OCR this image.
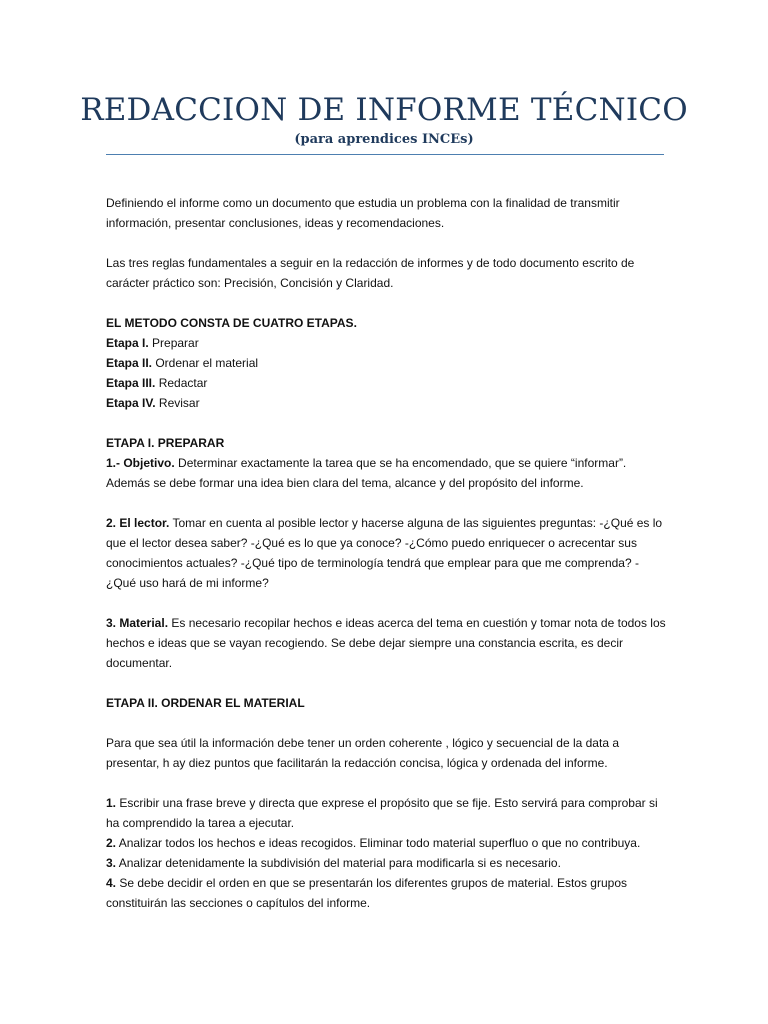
REDACCION DE INFORME TÉCNICO
(para aprendices INCEs)

Definiendo el informe como un documento que estudia un problema con la finalidad de transmitir información, presentar conclusiones, ideas y recomendaciones.

Las tres reglas fundamentales a seguir en la redacción de informes y de todo documento escrito de carácter práctico son: Precisión, Concisión y Claridad.

EL METODO CONSTA DE CUATRO ETAPAS.
Etapa I. Preparar
Etapa II. Ordenar el material
Etapa III. Redactar

Etapa IV. Revisar

ETAPA I. PREPARAR

1.- Objetivo. Determinar exactamente la tarea que se ha encomendado, que se quiere “informar”. Además se debe formar una idea bien clara del tema, alcance y del propósito del informe.

2. El lector. Tomar en cuenta al posible lector y hacerse alguna de las siguientes preguntas: -¿Qué es lo que el lector desea saber? -¿Qué es lo que ya conoce? -¿Cómo puedo enriquecer o acrecentar sus conocimientos actuales? -¿Qué tipo de terminología tendrá que emplear para que me comprenda? -¿Qué uso hará de mi informe?

3. Material. Es necesario recopilar hechos e ideas acerca del tema en cuestión y tomar nota de todos los hechos e ideas que se vayan recogiendo. Se debe dejar siempre una constancia escrita, es decir documentar.

ETAPA II. ORDENAR EL MATERIAL

Para que sea útil la información debe tener un orden coherente , lógico y secuencial de la data a presentar, h ay diez puntos que facilitarán la redacción concisa, lógica y ordenada del informe.

1. Escribir una frase breve y directa que exprese el propósito que se fije. Esto servirá para comprobar si ha comprendido la tarea a ejecutar.
2. Analizar todos los hechos e ideas recogidos. Eliminar todo material superfluo o que no contribuya.
3. Analizar detenidamente la subdivisión del material para modificarla si es necesario.
4. Se debe decidir el orden en que se presentarán los diferentes grupos de material. Estos grupos constituirán las secciones o capítulos del informe.
